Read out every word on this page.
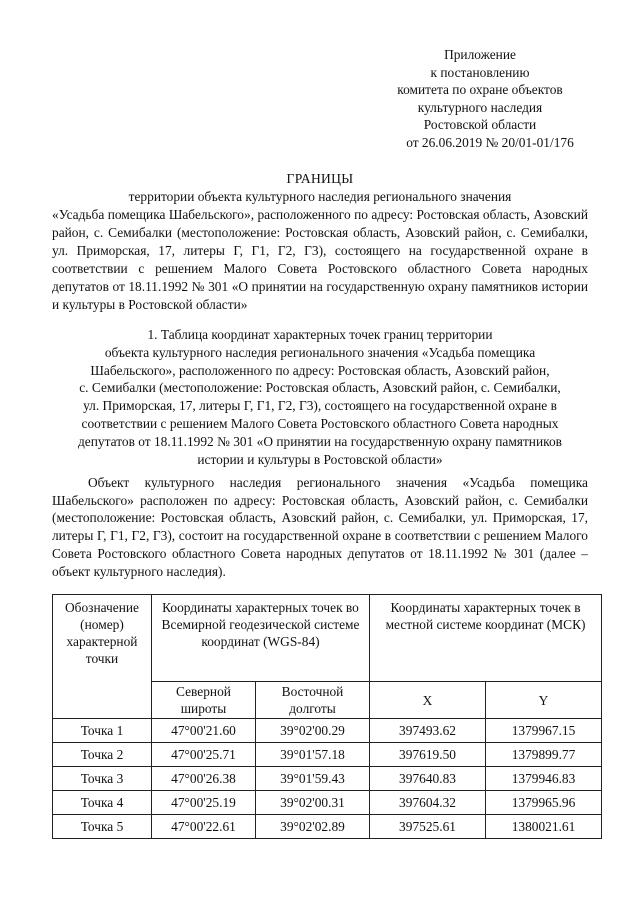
Приложение
к постановлению
комитета по охране объектов
культурного наследия
Ростовской области
от 26.06.2019 № 20/01-01/176
ГРАНИЦЫ
территории объекта культурного наследия регионального значения
«Усадьба помещика Шабельского», расположенного по адресу: Ростовская область, Азовский район, с. Семибалки (местоположение: Ростовская область, Азовский район, с. Семибалки, ул. Приморская, 17, литеры Г, Г1, Г2, Г3), состоящего на государственной охране в соответствии с решением Малого Совета Ростовского областного Совета народных депутатов от 18.11.1992 № 301 «О принятии на государственную охрану памятников истории и культуры в Ростовской области»
1. Таблица координат характерных точек границ территории
объекта культурного наследия регионального значения «Усадьба помещика
Шабельского», расположенного по адресу: Ростовская область, Азовский район,
с. Семибалки (местоположение: Ростовская область, Азовский район, с. Семибалки,
ул. Приморская, 17, литеры Г, Г1, Г2, Г3), состоящего на государственной охране в
соответствии с решением Малого Совета Ростовского областного Совета народных
депутатов от 18.11.1992 № 301 «О принятии на государственную охрану памятников
истории и культуры в Ростовской области»
Объект культурного наследия регионального значения «Усадьба помещика Шабельского» расположен по адресу: Ростовская область, Азовский район, с. Семибалки (местоположение: Ростовская область, Азовский район, с. Семибалки, ул. Приморская, 17, литеры Г, Г1, Г2, Г3), состоит на государственной охране в соответствии с решением Малого Совета Ростовского областного Совета народных депутатов от 18.11.1992 № 301 (далее – объект культурного наследия).
Обозначение (номер) характерной точки	Координаты характерных точек во Всемирной геодезической системе координат (WGS-84)		Координаты характерных точек в местной системе координат (МСК)	
	Северной широты	Восточной долготы	X	Y
Точка 1	47°00'21.60	39°02'00.29	397493.62	1379967.15
Точка 2	47°00'25.71	39°01'57.18	397619.50	1379899.77
Точка 3	47°00'26.38	39°01'59.43	397640.83	1379946.83
Точка 4	47°00'25.19	39°02'00.31	397604.32	1379965.96
Точка 5	47°00'22.61	39°02'02.89	397525.61	1380021.61
